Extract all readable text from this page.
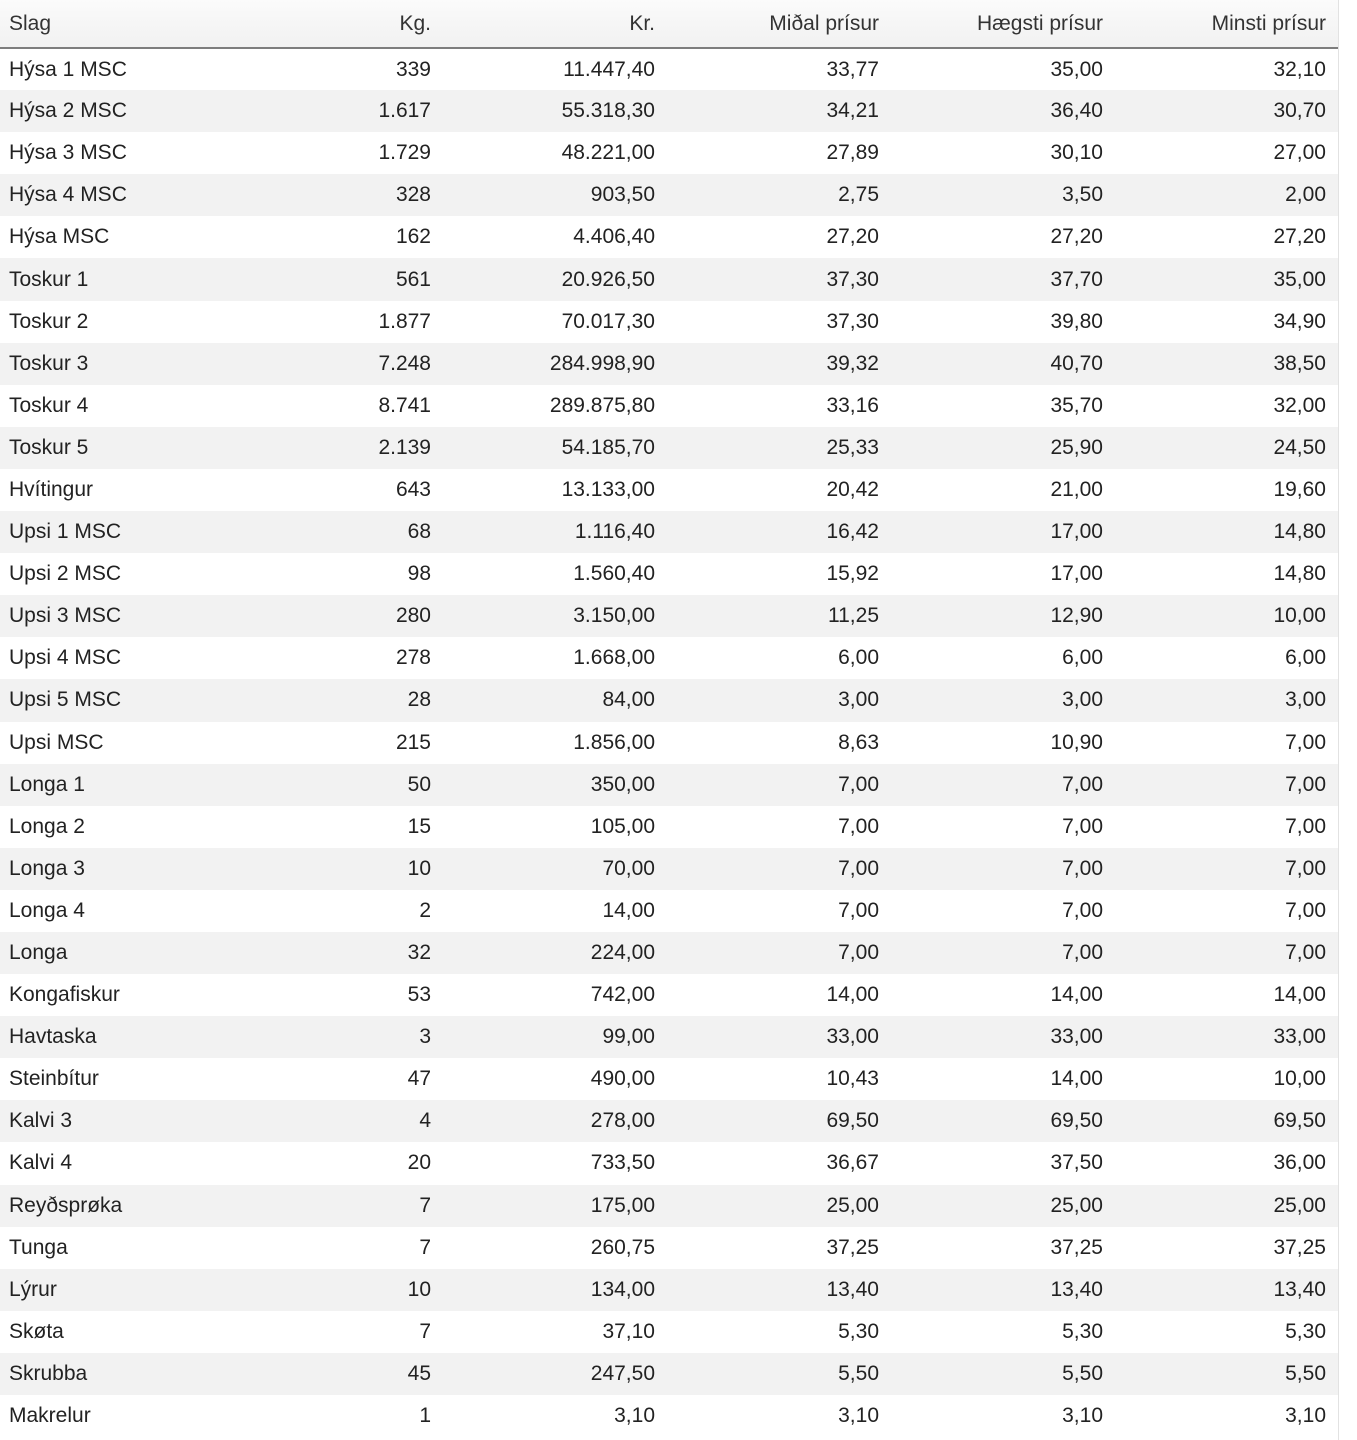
Slag	Kg.	Kr.	Miðal prísur	Hægsti prísur	Minsti prísur
Hýsa 1 MSC	339	11.447,40	33,77	35,00	32,10
Hýsa 2 MSC	1.617	55.318,30	34,21	36,40	30,70
Hýsa 3 MSC	1.729	48.221,00	27,89	30,10	27,00
Hýsa 4 MSC	328	903,50	2,75	3,50	2,00
Hýsa MSC	162	4.406,40	27,20	27,20	27,20
Toskur 1	561	20.926,50	37,30	37,70	35,00
Toskur 2	1.877	70.017,30	37,30	39,80	34,90
Toskur 3	7.248	284.998,90	39,32	40,70	38,50
Toskur 4	8.741	289.875,80	33,16	35,70	32,00
Toskur 5	2.139	54.185,70	25,33	25,90	24,50
Hvítingur	643	13.133,00	20,42	21,00	19,60
Upsi 1 MSC	68	1.116,40	16,42	17,00	14,80
Upsi 2 MSC	98	1.560,40	15,92	17,00	14,80
Upsi 3 MSC	280	3.150,00	11,25	12,90	10,00
Upsi 4 MSC	278	1.668,00	6,00	6,00	6,00
Upsi 5 MSC	28	84,00	3,00	3,00	3,00
Upsi MSC	215	1.856,00	8,63	10,90	7,00
Longa 1	50	350,00	7,00	7,00	7,00
Longa 2	15	105,00	7,00	7,00	7,00
Longa 3	10	70,00	7,00	7,00	7,00
Longa 4	2	14,00	7,00	7,00	7,00
Longa	32	224,00	7,00	7,00	7,00
Kongafiskur	53	742,00	14,00	14,00	14,00
Havtaska	3	99,00	33,00	33,00	33,00
Steinbítur	47	490,00	10,43	14,00	10,00
Kalvi 3	4	278,00	69,50	69,50	69,50
Kalvi 4	20	733,50	36,67	37,50	36,00
Reyðsprøka	7	175,00	25,00	25,00	25,00
Tunga	7	260,75	37,25	37,25	37,25
Lýrur	10	134,00	13,40	13,40	13,40
Skøta	7	37,10	5,30	5,30	5,30
Skrubba	45	247,50	5,50	5,50	5,50
Makrelur	1	3,10	3,10	3,10	3,10
